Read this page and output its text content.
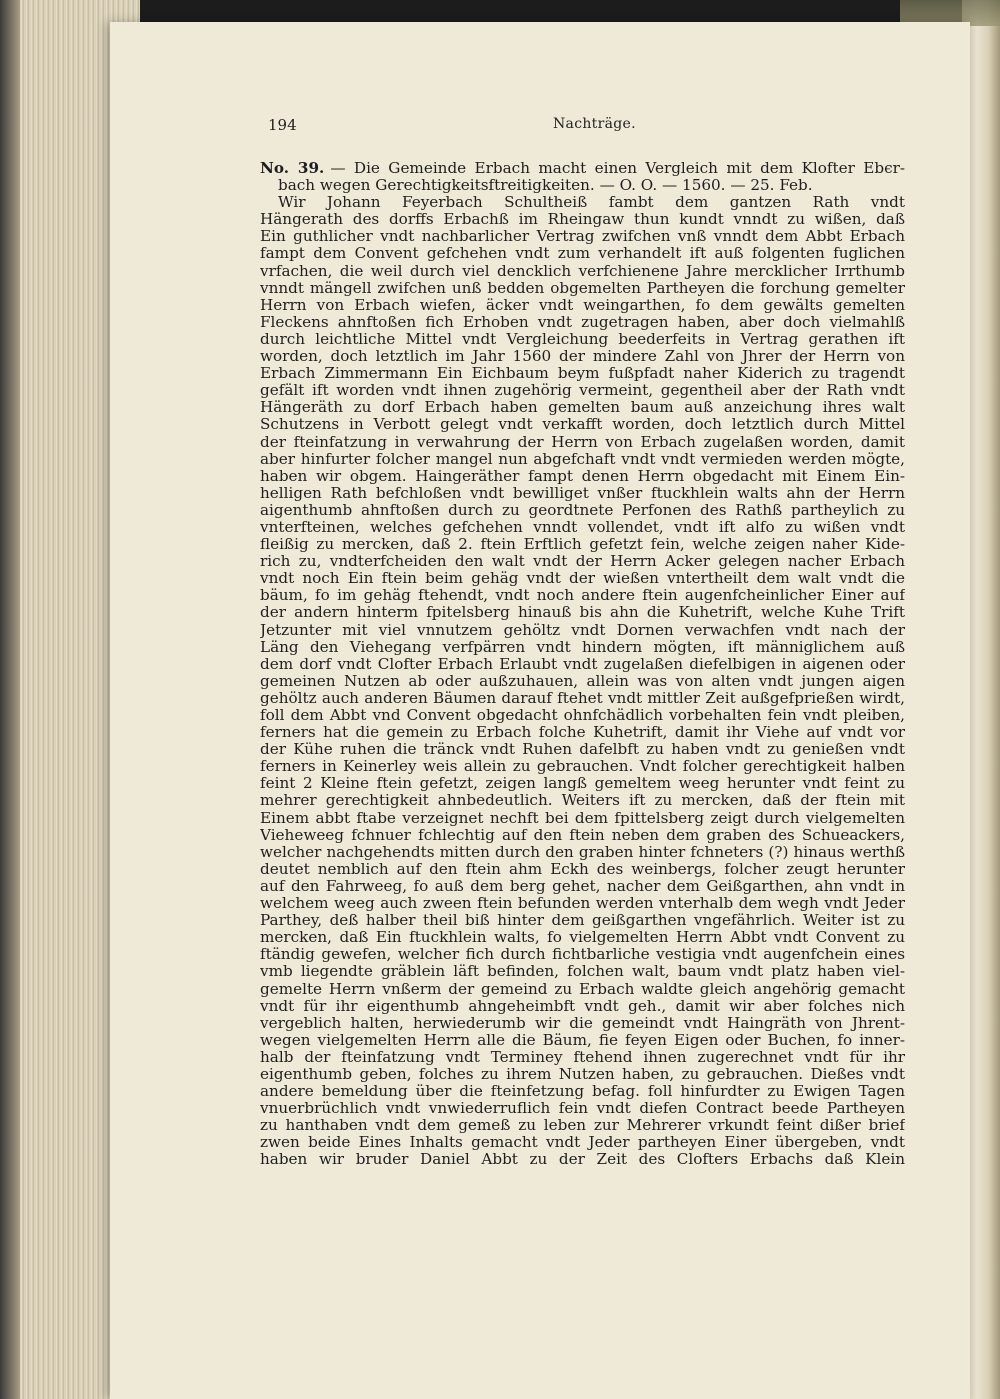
194	Nachträge.
No. 39. — Die Gemeinde Erbach macht einen Vergleich mit dem Klofter Ebєr-
bach wegen Gerechtigkeitsftreitigkeiten. — O. O. — 1560. — 25. Feb.
Wir Johann Feyerbach Schultheiß fambt dem gantzen Rath vndt
Hängerath des dorffs Erbachß im Rheingaw thun kundt vnndt zu wißen, daß
Ein guthlicher vndt nachbarlicher Vertrag zwifchen vnß vnndt dem Abbt Erbach
fampt dem Convent gefchehen vndt zum verhandelt ift auß folgenten fuglichen
vrfachen, die weil durch viel dencklich verfchienene Jahre mercklicher Irrthumb
vnndt mängell zwifchen unß bedden obgemelten Partheyen die forchung gemelter
Herrn von Erbach wiefen, äcker vndt weingarthen, fo dem gewälts gemelten
Fleckens ahnftoßen fich Erhoben vndt zugetragen haben, aber doch vielmahlß
durch leichtliche Mittel vndt Vergleichung beederfeits in Vertrag gerathen ift
worden, doch letztlich im Jahr 1560 der mindere Zahl von Jhrer der Herrn von
Erbach Zimmermann Ein Eichbaum beym fußpfadt naher Kiderich zu tragendt
gefält ift worden vndt ihnen zugehörig vermeint, gegentheil aber der Rath vndt
Hängeräth zu dorf Erbach haben gemelten baum auß anzeichung ihres walt
Schutzens in Verbott gelegt vndt verkafft worden, doch letztlich durch Mittel
der fteinfatzung in verwahrung der Herrn von Erbach zugelaßen worden, damit
aber hinfurter folcher mangel nun abgefchaft vndt vndt vermieden werden mögte,
haben wir obgem. Haingeräther fampt denen Herrn obgedacht mit Einem Ein-
helligen Rath befchloßen vndt bewilliget vnßer ftuckhlein walts ahn der Herrn
aigenthumb ahnftoßen durch zu geordtnete Perfonen des Rathß partheylich zu
vnterfteinen, welches gefchehen vnndt vollendet, vndt ift alfo zu wißen vndt
fleißig zu mercken, daß 2. ftein Erftlich gefetzt fein, welche zeigen naher Kide-
rich zu, vndterfcheiden den walt vndt der Herrn Acker gelegen nacher Erbach
vndt noch Ein ftein beim gehäg vndt der wießen vntertheilt dem walt vndt die
bäum, fo im gehäg ftehendt, vndt noch andere ftein augenfcheinlicher Einer auf
der andern hinterm fpitelsberg hinauß bis ahn die Kuhetrift, welche Kuhe Trift
Jetzunter mit viel vnnutzem gehöltz vndt Dornen verwachfen vndt nach der
Läng den Viehegang verfpärren vndt hindern mögten, ift männiglichem auß
dem dorf vndt Clofter Erbach Erlaubt vndt zugelaßen diefelbigen in aigenen oder
gemeinen Nutzen ab oder außzuhauen, allein was von alten vndt jungen aigen
gehöltz auch anderen Bäumen darauf ftehet vndt mittler Zeit außgefprießen wirdt,
foll dem Abbt vnd Convent obgedacht ohnfchädlich vorbehalten fein vndt pleiben,
ferners hat die gemein zu Erbach folche Kuhetrift, damit ihr Viehe auf vndt vor
der Kühe ruhen die tränck vndt Ruhen dafelbft zu haben vndt zu genießen vndt
ferners in Keinerley weis allein zu gebrauchen. Vndt folcher gerechtigkeit halben
feint 2 Kleine ftein gefetzt, zeigen langß gemeltem weeg herunter vndt feint zu
mehrer gerechtigkeit ahnbedeutlich. Weiters ift zu mercken, daß der ftein mit
Einem abbt ftabe verzeignet nechft bei dem fpittelsberg zeigt durch vielgemelten
Vieheweeg fchnuer fchlechtig auf den ftein neben dem graben des Schueackers,
welcher nachgehendts mitten durch den graben hinter fchneters (?) hinaus werthß
deutet nemblich auf den ftein ahm Eckh des weinbergs, folcher zeugt herunter
auf den Fahrweeg, fo auß dem berg gehet, nacher dem Geißgarthen, ahn vndt in
welchem weeg auch zween ftein befunden werden vnterhalb dem wegh vndt Jeder
Parthey, deß halber theil biß hinter dem geißgarthen vngefährlich. Weiter ist zu
mercken, daß Ein ftuckhlein walts, fo vielgemelten Herrn Abbt vndt Convent zu
ftändig gewefen, welcher fich durch fichtbarliche vestigia vndt augenfchein eines
vmb liegendte gräblein läft befinden, folchen walt, baum vndt platz haben viel-
gemelte Herrn vnßerm der gemeind zu Erbach waldte gleich angehörig gemacht
vndt für ihr eigenthumb ahngeheimbft vndt geh., damit wir aber folches nich
vergeblich halten, herwiederumb wir die gemeindt vndt Haingräth von Jhrent-
wegen vielgemelten Herrn alle die Bäum, fie feyen Eigen oder Buchen, fo inner-
halb der fteinfatzung vndt Terminey ftehend ihnen zugerechnet vndt für ihr
eigenthumb geben, folches zu ihrem Nutzen haben, zu gebrauchen. Dießes vndt
andere bemeldung über die fteinfetzung befag. foll hinfurdter zu Ewigen Tagen
vnuerbrüchlich vndt vnwiederruflich fein vndt diefen Contract beede Partheyen
zu hanthaben vndt dem gemeß zu leben zur Mehrerer vrkundt feint dißer brief
zwen beide Eines Inhalts gemacht vndt Jeder partheyen Einer übergeben, vndt
haben wir bruder Daniel Abbt zu der Zeit des Clofters Erbachs daß Klein
